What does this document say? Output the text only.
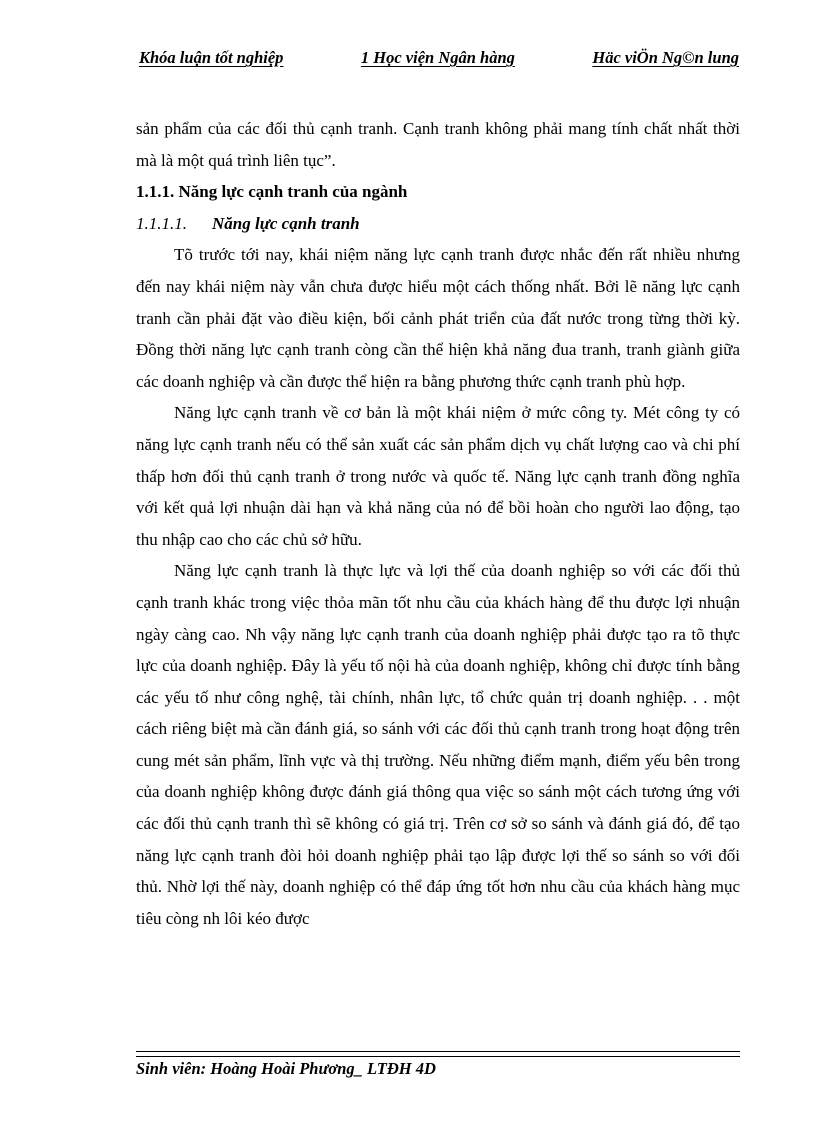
Khóa luận tốt nghiệp	1 Học viện Ngân hàng	Häc viÖn Ng©n lung

sản phẩm của các đối thủ cạnh tranh. Cạnh tranh không phải mang tính chất nhất thời mà là một quá trình liên tục”.

1.1.1. Năng lực cạnh tranh của ngành

1.1.1.1. Năng lực cạnh tranh

Tõ trước tới nay, khái niệm năng lực cạnh tranh được nhắc đến rất nhiều nhưng đến nay khái niệm này vẫn chưa được hiểu một cách thống nhất. Bởi lẽ năng lực cạnh tranh cần phải đặt vào điều kiện, bối cảnh phát triển của đất nước trong từng thời kỳ. Đồng thời năng lực cạnh tranh còng cần thể hiện khả năng đua tranh, tranh giành giữa các doanh nghiệp và cần được thể hiện ra bằng phương thức cạnh tranh phù hợp.

Năng lực cạnh tranh về cơ bản là một khái niệm ở mức công ty. Mét công ty có năng lực cạnh tranh nếu có thể sản xuất các sản phẩm dịch vụ chất lượng cao và chi phí thấp hơn đối thủ cạnh tranh ở trong nước và quốc tế. Năng lực cạnh tranh đồng nghĩa với kết quả lợi nhuận dài hạn và khả năng của nó để bồi hoàn cho người lao động, tạo thu nhập cao cho các chủ sở hữu.

Năng lực cạnh tranh là thực lực và lợi thế của doanh nghiệp so với các đối thủ cạnh tranh khác trong việc thỏa mãn tốt nhu cầu của khách hàng để thu được lợi nhuận ngày càng cao. Nh vậy năng lực cạnh tranh của doanh nghiệp phải được tạo ra tõ thực lực của doanh nghiệp. Đây là yếu tố nội hà của doanh nghiệp, không chỉ được tính bằng các yếu tố như công nghệ, tài chính, nhân lực, tổ chức quản trị doanh nghiệp. . . một cách riêng biệt mà cần đánh giá, so sánh với các đối thủ cạnh tranh trong hoạt động trên cung mét sản phẩm, lĩnh vực và thị trường. Nếu những điểm mạnh, điểm yếu bên trong của doanh nghiệp không được đánh giá thông qua việc so sánh một cách tương ứng với các đối thủ cạnh tranh thì sẽ không có giá trị. Trên cơ sở so sánh và đánh giá đó, để tạo năng lực cạnh tranh đòi hỏi doanh nghiệp phải tạo lập được lợi thế so sánh so với đối thủ. Nhờ lợi thế này, doanh nghiệp có thể đáp ứng tốt hơn nhu cầu của khách hàng mục tiêu còng nh lôi kéo được

Sinh viên: Hoàng Hoài Phương_ LTĐH 4D
